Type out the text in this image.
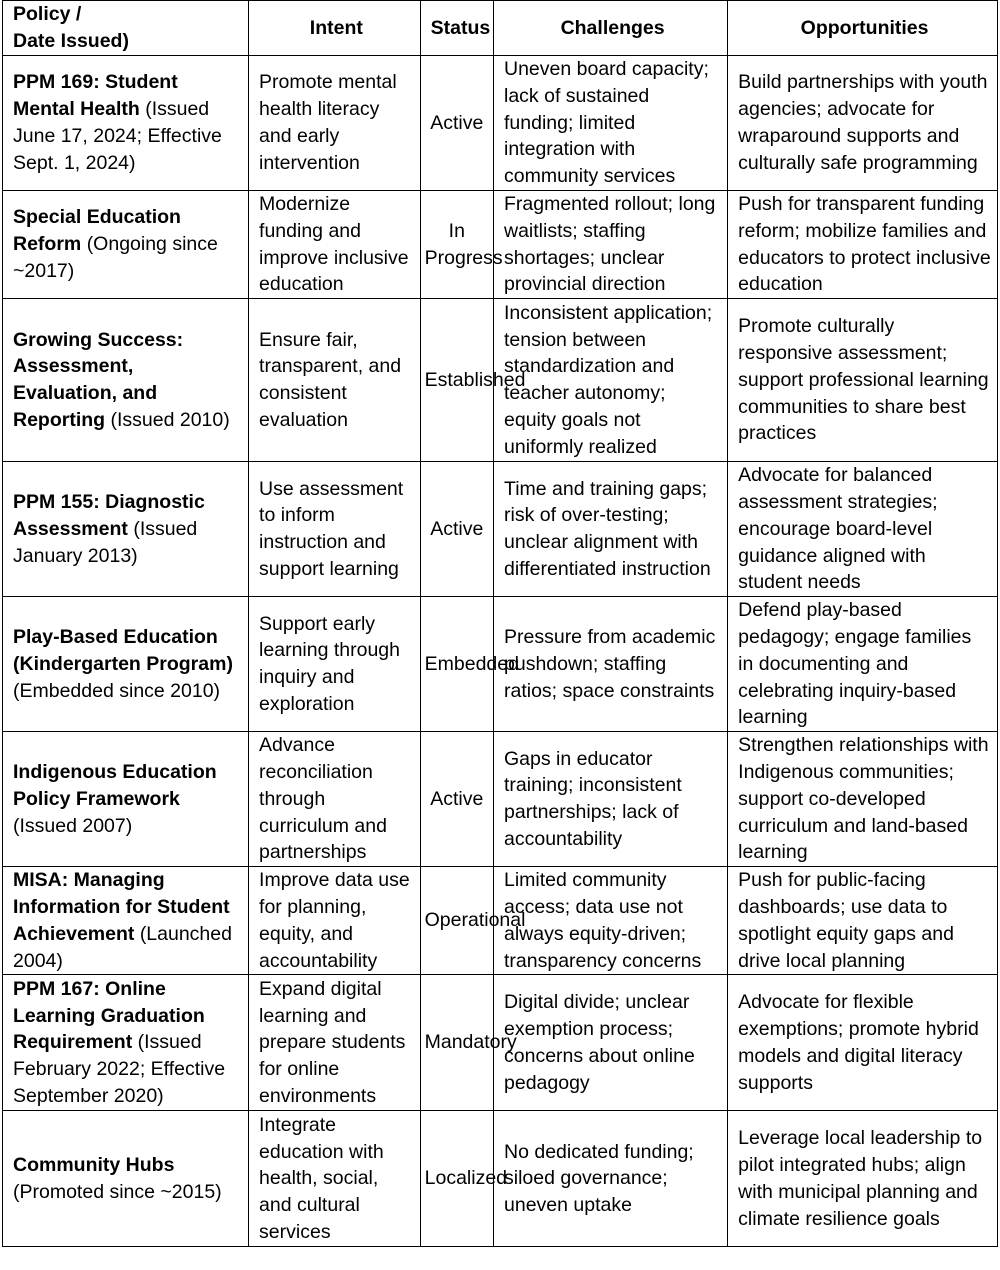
Policy /
Date Issued)	Intent	Status	Challenges	Opportunities
PPM 169: Student Mental Health (Issued June 17, 2024; Effective Sept. 1, 2024)	Promote mental health literacy and early intervention	Active	Uneven board capacity; lack of sustained funding; limited integration with community services	Build partnerships with youth agencies; advocate for wraparound supports and culturally safe programming
Special Education Reform (Ongoing since ~2017)	Modernize funding and improve inclusive education	In Progress	Fragmented rollout; long waitlists; staffing shortages; unclear provincial direction	Push for transparent funding reform; mobilize families and educators to protect inclusive education
Growing Success: Assessment, Evaluation, and Reporting (Issued 2010)	Ensure fair, transparent, and consistent evaluation	Established	Inconsistent application; tension between standardization and teacher autonomy; equity goals not uniformly realized	Promote culturally responsive assessment; support professional learning communities to share best practices
PPM 155: Diagnostic Assessment (Issued January 2013)	Use assessment to inform instruction and support learning	Active	Time and training gaps; risk of over-testing; unclear alignment with differentiated instruction	Advocate for balanced assessment strategies; encourage board-level guidance aligned with student needs
Play-Based Education (Kindergarten Program) (Embedded since 2010)	Support early learning through inquiry and exploration	Embedded	Pressure from academic pushdown; staffing ratios; space constraints	Defend play-based pedagogy; engage families in documenting and celebrating inquiry-based learning
Indigenous Education Policy Framework (Issued 2007)	Advance reconciliation through curriculum and partnerships	Active	Gaps in educator training; inconsistent partnerships; lack of accountability	Strengthen relationships with Indigenous communities; support co-developed curriculum and land-based learning
MISA: Managing Information for Student Achievement (Launched 2004)	Improve data use for planning, equity, and accountability	Operational	Limited community access; data use not always equity-driven; transparency concerns	Push for public-facing dashboards; use data to spotlight equity gaps and drive local planning
PPM 167: Online Learning Graduation Requirement (Issued February 2022; Effective September 2020)	Expand digital learning and prepare students for online environments	Mandatory	Digital divide; unclear exemption process; concerns about online pedagogy	Advocate for flexible exemptions; promote hybrid models and digital literacy supports
Community Hubs (Promoted since ~2015)	Integrate education with health, social, and cultural services	Localized	No dedicated funding; siloed governance; uneven uptake	Leverage local leadership to pilot integrated hubs; align with municipal planning and climate resilience goals
